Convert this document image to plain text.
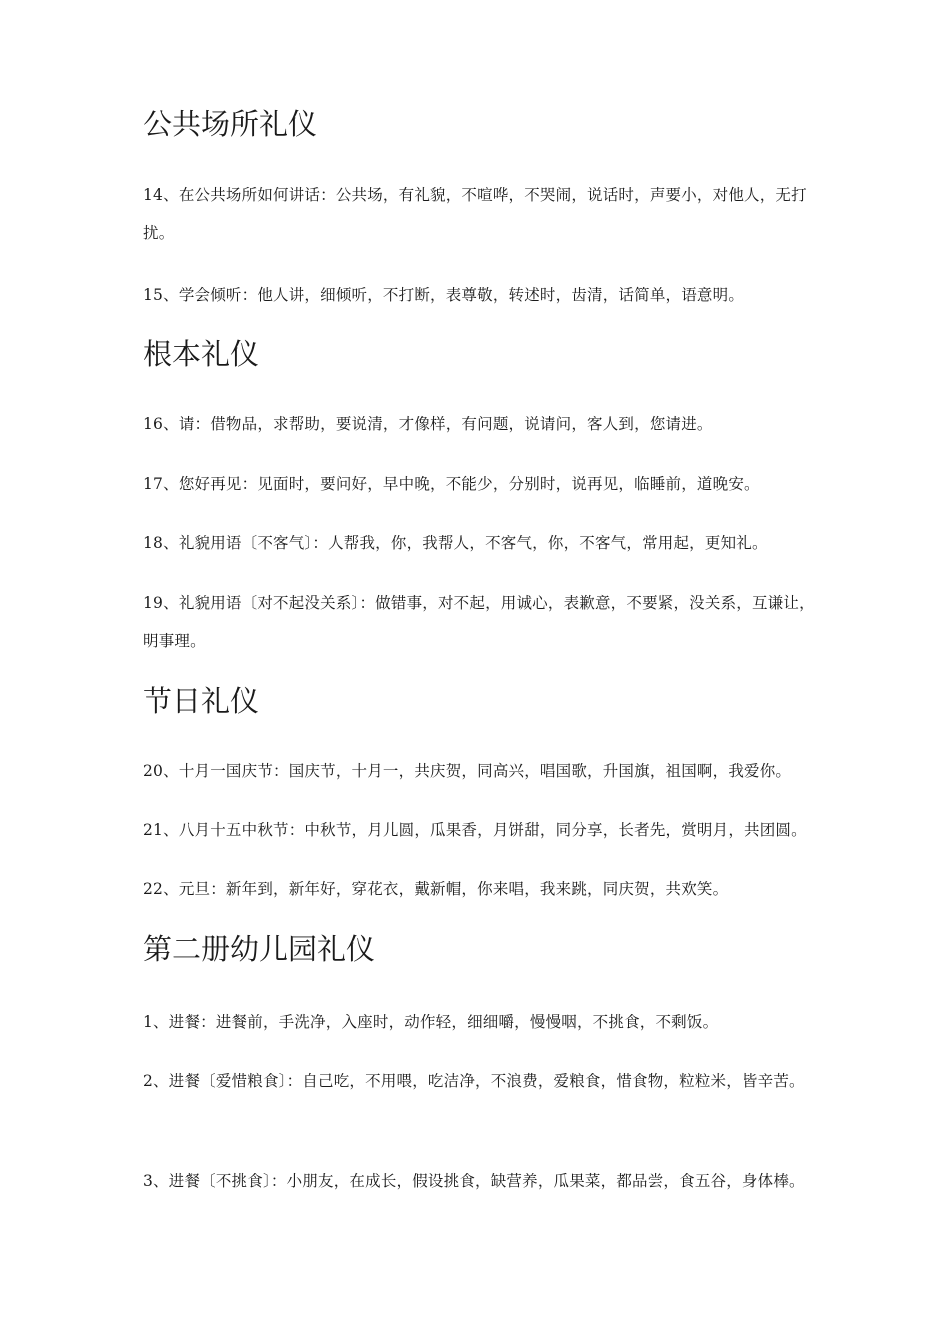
公共场所礼仪

14、在公共场所如何讲话：公共场，有礼貌，不喧哗，不哭闹，说话时，声要小，对他人，无打扰。

15、学会倾听：他人讲，细倾听，不打断，表尊敬，转述时，齿清，话简单，语意明。

根本礼仪

16、请：借物品，求帮助，要说清，才像样，有问题，说请问，客人到，您请进。

17、您好再见：见面时，要问好，早中晚，不能少，分别时，说再见，临睡前，道晚安。

18、礼貌用语〔不客气〕：人帮我，你，我帮人，不客气，你，不客气，常用起，更知礼。

19、礼貌用语〔对不起没关系〕：做错事，对不起，用诚心，表歉意，不要紧，没关系，互谦让，明事理。

节日礼仪

20、十月一国庆节：国庆节，十月一，共庆贺，同高兴，唱国歌，升国旗，祖国啊，我爱你。

21、八月十五中秋节：中秋节，月儿圆，瓜果香，月饼甜，同分享，长者先，赏明月，共团圆。

22、元旦：新年到，新年好，穿花衣，戴新帽，你来唱，我来跳，同庆贺，共欢笑。

第二册幼儿园礼仪

1、进餐：进餐前，手洗净，入座时，动作轻，细细嚼，慢慢咽，不挑食，不剩饭。

2、进餐〔爱惜粮食〕：自己吃，不用喂，吃洁净，不浪费，爱粮食，惜食物，粒粒米，皆辛苦。

3、进餐〔不挑食〕：小朋友，在成长，假设挑食，缺营养，瓜果菜，都品尝，食五谷，身体棒。
